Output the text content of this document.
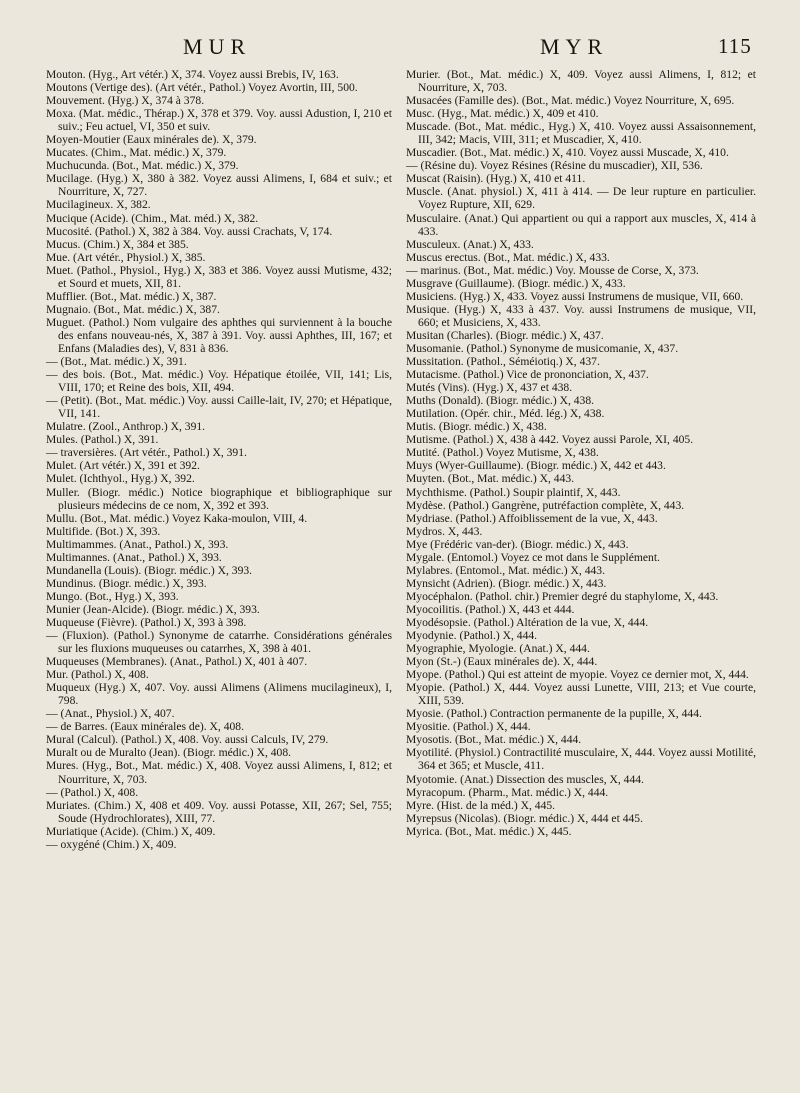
MUR	MYR	115
Mouton. (Hyg., Art vétér.) X, 374. Voyez aussi Brebis, IV, 163.
Moutons (Vertige des). (Art vétér., Pathol.) Voyez Avortin, III, 500.
Mouvement. (Hyg.) X, 374 à 378.
Moxa. (Mat. médic., Thérap.) X, 378 et 379. Voy. aussi Adustion, I, 210 et suiv.; Feu actuel, VI, 350 et suiv.
Moyen-Moutier (Eaux minérales de). X, 379.
Mucates. (Chim., Mat. médic.) X, 379.
Muchucunda. (Bot., Mat. médic.) X, 379.
Mucilage. (Hyg.) X, 380 à 382. Voyez aussi Alimens, I, 684 et suiv.; et Nourriture, X, 727.
Mucilagineux. X, 382.
Mucique (Acide). (Chim., Mat. méd.) X, 382.
Mucosité. (Pathol.) X, 382 à 384. Voy. aussi Crachats, V, 174.
Mucus. (Chim.) X, 384 et 385.
Mue. (Art vétér., Physiol.) X, 385.
Muet. (Pathol., Physiol., Hyg.) X, 383 et 386. Voyez aussi Mutisme, 432; et Sourd et muets, XII, 81.
Mufflier. (Bot., Mat. médic.) X, 387.
Mugnaio. (Bot., Mat. médic.) X, 387.
Muguet. (Pathol.) Nom vulgaire des aphthes qui surviennent à la bouche des enfans nouveau-nés, X, 387 à 391. Voy. aussi Aphthes, III, 167; et Enfans (Maladies des), V, 831 à 836.
— (Bot., Mat. médic.) X, 391.
— des bois. (Bot., Mat. médic.) Voy. Hépatique étoilée, VII, 141; Lis, VIII, 170; et Reine des bois, XII, 494.
— (Petit). (Bot., Mat. médic.) Voy. aussi Caille-lait, IV, 270; et Hépatique, VII, 141.
Mulatre. (Zool., Anthrop.) X, 391.
Mules. (Pathol.) X, 391.
— traversières. (Art vétér., Pathol.) X, 391.
Mulet. (Art vétér.) X, 391 et 392.
Mulet. (Ichthyol., Hyg.) X, 392.
Muller. (Biogr. médic.) Notice biographique et bibliographique sur plusieurs médecins de ce nom, X, 392 et 393.
Mullu. (Bot., Mat. médic.) Voyez Kaka-moulon, VIII, 4.
Multifide. (Bot.) X, 393.
Multimammes. (Anat., Pathol.) X, 393.
Multimannes. (Anat., Pathol.) X, 393.
Mundanella (Louis). (Biogr. médic.) X, 393.
Mundinus. (Biogr. médic.) X, 393.
Mungo. (Bot., Hyg.) X, 393.
Munier (Jean-Alcide). (Biogr. médic.) X, 393.
Muqueuse (Fièvre). (Pathol.) X, 393 à 398.
— (Fluxion). (Pathol.) Synonyme de catarrhe. Considérations générales sur les fluxions muqueuses ou catarrhes, X, 398 à 401.
Muqueuses (Membranes). (Anat., Pathol.) X, 401 à 407.
Mur. (Pathol.) X, 408.
Muqueux (Hyg.) X, 407. Voy. aussi Alimens (Alimens mucilagineux), I, 798.
— (Anat., Physiol.) X, 407.
— de Barres. (Eaux minérales de). X, 408.
Mural (Calcul). (Pathol.) X, 408. Voy. aussi Calculs, IV, 279.
Muralt ou de Muralto (Jean). (Biogr. médic.) X, 408.
Mures. (Hyg., Bot., Mat. médic.) X, 408. Voyez aussi Alimens, I, 812; et Nourriture, X, 703.
— (Pathol.) X, 408.
Muriates. (Chim.) X, 408 et 409. Voy. aussi Potasse, XII, 267; Sel, 755; Soude (Hydrochlorates), XIII, 77.
Muriatique (Acide). (Chim.) X, 409.
— oxygéné (Chim.) X, 409.
Murier. (Bot., Mat. médic.) X, 409. Voyez aussi Alimens, I, 812; et Nourriture, X, 703.
Musacées (Famille des). (Bot., Mat. médic.) Voyez Nourriture, X, 695.
Musc. (Hyg., Mat. médic.) X, 409 et 410.
Muscade. (Bot., Mat. médic., Hyg.) X, 410. Voyez aussi Assaisonnement, III, 342; Macis, VIII, 311; et Muscadier, X, 410.
Muscadier. (Bot., Mat. médic.) X, 410. Voyez aussi Muscade, X, 410.
— (Résine du). Voyez Résines (Résine du muscadier), XII, 536.
Muscat (Raisin). (Hyg.) X, 410 et 411.
Muscle. (Anat. physiol.) X, 411 à 414. — De leur rupture en particulier. Voyez Rupture, XII, 629.
Musculaire. (Anat.) Qui appartient ou qui a rapport aux muscles, X, 414 à 433.
Musculeux. (Anat.) X, 433.
Muscus erectus. (Bot., Mat. médic.) X, 433.
— marinus. (Bot., Mat. médic.) Voy. Mousse de Corse, X, 373.
Musgrave (Guillaume). (Biogr. médic.) X, 433.
Musiciens. (Hyg.) X, 433. Voyez aussi Instrumens de musique, VII, 660.
Musique. (Hyg.) X, 433 à 437. Voy. aussi Instrumens de musique, VII, 660; et Musiciens, X, 433.
Musitan (Charles). (Biogr. médic.) X, 437.
Musomanie. (Pathol.) Synonyme de musicomanie, X, 437.
Mussitation. (Pathol., Séméiotiq.) X, 437.
Mutacisme. (Pathol.) Vice de prononciation, X, 437.
Mutés (Vins). (Hyg.) X, 437 et 438.
Muths (Donald). (Biogr. médic.) X, 438.
Mutilation. (Opér. chir., Méd. lég.) X, 438.
Mutis. (Biogr. médic.) X, 438.
Mutisme. (Pathol.) X, 438 à 442. Voyez aussi Parole, XI, 405.
Mutité. (Pathol.) Voyez Mutisme, X, 438.
Muys (Wyer-Guillaume). (Biogr. médic.) X, 442 et 443.
Muyten. (Bot., Mat. médic.) X, 443.
Mychthisme. (Pathol.) Soupir plaintif, X, 443.
Mydèse. (Pathol.) Gangrène, putréfaction complète, X, 443.
Mydriase. (Pathol.) Affoiblissement de la vue, X, 443.
Mydros. X, 443.
Mye (Frédéric van-der). (Biogr. médic.) X, 443.
Mygale. (Entomol.) Voyez ce mot dans le Supplément.
Mylabres. (Entomol., Mat. médic.) X, 443.
Mynsicht (Adrien). (Biogr. médic.) X, 443.
Myocéphalon. (Pathol. chir.) Premier degré du staphylome, X, 443.
Myocoilitis. (Pathol.) X, 443 et 444.
Myodésopsie. (Pathol.) Altération de la vue, X, 444.
Myodynie. (Pathol.) X, 444.
Myographie, Myologie. (Anat.) X, 444.
Myon (St.-) (Eaux minérales de). X, 444.
Myope. (Pathol.) Qui est atteint de myopie. Voyez ce dernier mot, X, 444.
Myopie. (Pathol.) X, 444. Voyez aussi Lunette, VIII, 213; et Vue courte, XIII, 539.
Myosie. (Pathol.) Contraction permanente de la pupille, X, 444.
Myositie. (Pathol.) X, 444.
Myosotis. (Bot., Mat. médic.) X, 444.
Myotilité. (Physiol.) Contractilité musculaire, X, 444. Voyez aussi Motilité, 364 et 365; et Muscle, 411.
Myotomie. (Anat.) Dissection des muscles, X, 444.
Myracopum. (Pharm., Mat. médic.) X, 444.
Myre. (Hist. de la méd.) X, 445.
Myrepsus (Nicolas). (Biogr. médic.) X, 444 et 445.
Myrica. (Bot., Mat. médic.) X, 445.
